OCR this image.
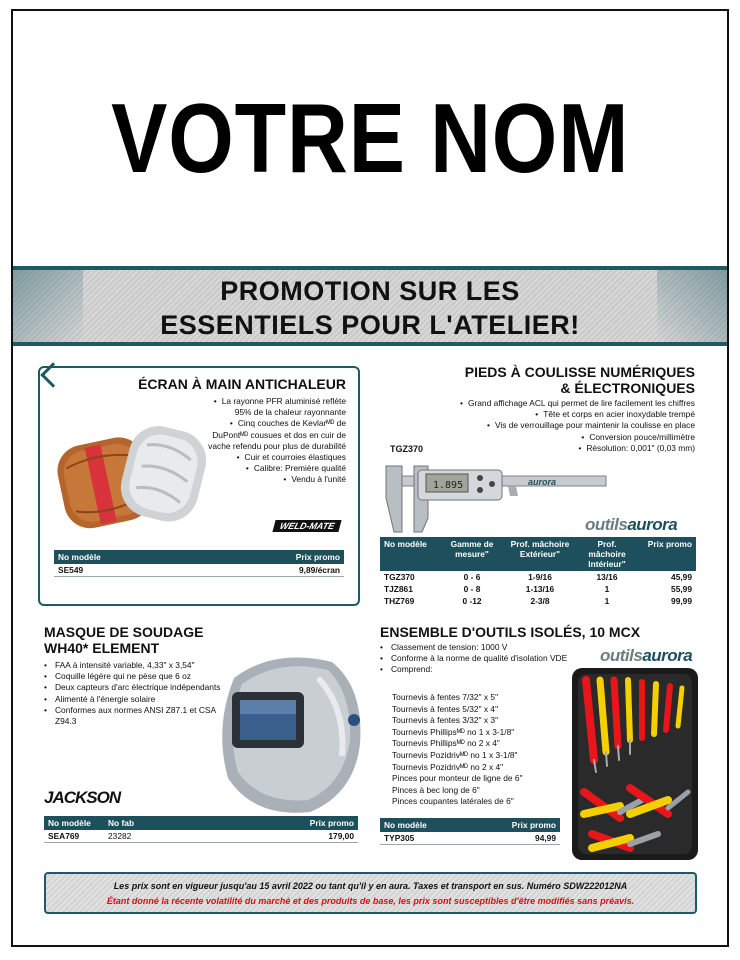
VOTRE NOM
PROMOTION SUR LES
ESSENTIELS POUR L'ATELIER!
ÉCRAN À MAIN ANTICHALEUR
• La rayonne PFR aluminisé reflète 95% de la chaleur rayonnante
• Cinq couches de Kevlarᴹᴰ de DuPontᴹᴰ cousues et dos en cuir de vache refendu pour plus de durabilité
• Cuir et courroies élastiques
• Calibre: Première qualité
• Vendu à l'unité
WELD-MATE
No modèle	Prix promo
SE549	9,89/écran
PIEDS À COULISSE NUMÉRIQUES
& ÉLECTRONIQUES
• Grand affichage ACL qui permet de lire facilement les chiffres
• Tête et corps en acier inoxydable trempé
• Vis de verrouillage pour maintenir la coulisse en place
• Conversion pouce/millimètre
• Résolution: 0,001" (0,03 mm)
TGZ370
1.895	aurora
outilsaurora
No modèle	Gamme de mesure"	Prof. mâchoire Extérieur"	Prof. mâchoire Intérieur"	Prix promo
TGZ370	0 - 6	1-9/16	13/16	45,99
TJZ861	0 - 8	1-13/16	1	55,99
THZ769	0 -12	2-3/8	1	99,99
MASQUE DE SOUDAGE
WH40* ELEMENT
• FAA à intensité variable, 4,33" x 3,54"
• Coquille légère qui ne pèse que 6 oz
• Deux capteurs d'arc électrique indépendants
• Alimenté à l'énergie solaire
• Conformes aux normes ANSI Z87.1 et CSA Z94.3
JACKSON
No modèle	No fab	Prix promo
SEA769	23282	179,00
ENSEMBLE D'OUTILS ISOLÉS, 10 MCX
outilsaurora
• Classement de tension: 1000 V
• Conforme à la norme de qualité d'isolation VDE
• Comprend:
Tournevis à fentes 7/32" x 5"
Tournevis à fentes 5/32" x 4"
Tournevis à fentes 3/32" x 3"
Tournevis Phillipsᴹᴰ no 1 x 3-1/8"
Tournevis Phillipsᴹᴰ no 2 x 4"
Tournevis Pozidrivᴹᴰ no 1 x 3-1/8"
Tournevis Pozidrivᴹᴰ no 2 x 4"
Pinces pour monteur de ligne de 6"
Pinces à bec long de 6"
Pinces coupantes latérales de 6"
No modèle	Prix promo
TYP305	94,99
Les prix sont en vigueur jusqu'au 15 avril 2022 ou tant qu'il y en aura. Taxes et transport en sus. Numéro SDW222012NA
Étant donné la récente volatilité du marché et des produits de base, les prix sont susceptibles d'être modifiés sans préavis.
